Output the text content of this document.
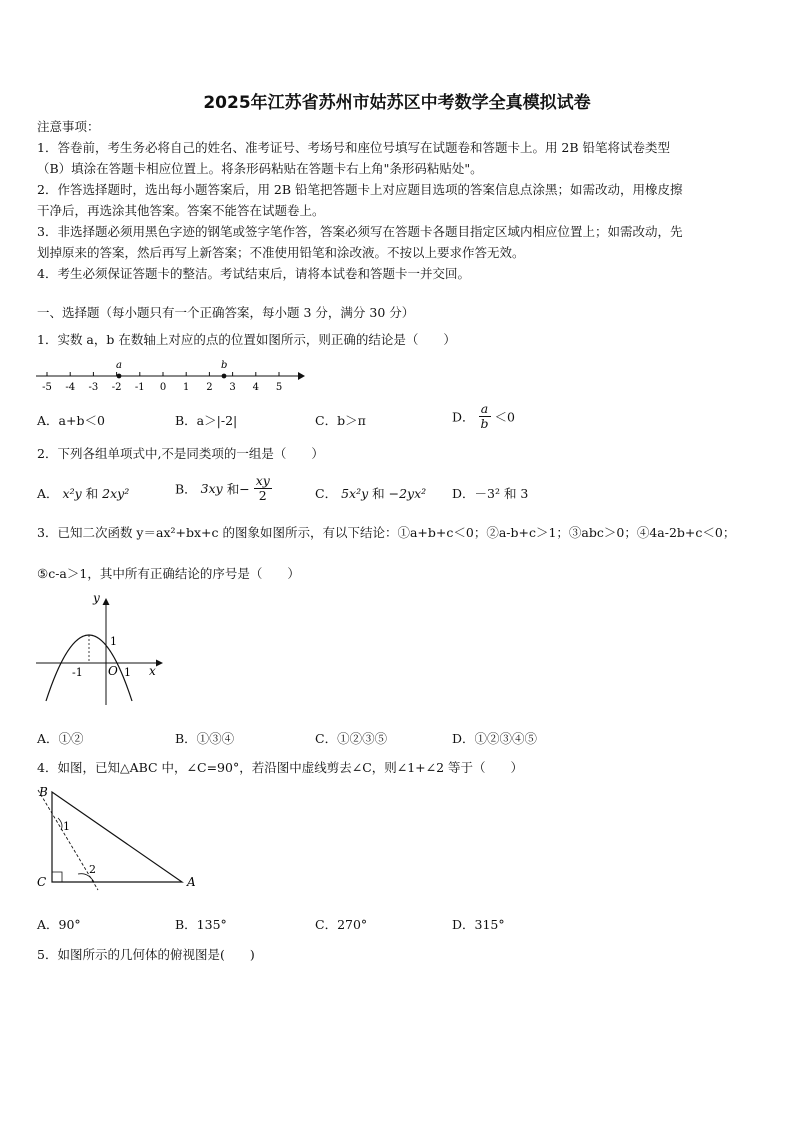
2025年江苏省苏州市姑苏区中考数学全真模拟试卷
注意事项：
1．答卷前，考生务必将自己的姓名、准考证号、考场号和座位号填写在试题卷和答题卡上。用 2B 铅笔将试卷类型
（B）填涂在答题卡相应位置上。将条形码粘贴在答题卡右上角"条形码粘贴处"。
2．作答选择题时，选出每小题答案后，用 2B 铅笔把答题卡上对应题目选项的答案信息点涂黑；如需改动，用橡皮擦
干净后，再选涂其他答案。答案不能答在试题卷上。
3．非选择题必须用黑色字迹的钢笔或签字笔作答，答案必须写在答题卡各题目指定区域内相应位置上；如需改动，先
划掉原来的答案，然后再写上新答案；不准使用铅笔和涂改液。不按以上要求作答无效。
4．考生必须保证答题卡的整洁。考试结束后，请将本试卷和答题卡一并交回。
一、选择题（每小题只有一个正确答案，每小题 3 分，满分 30 分）
1．实数 a，b 在数轴上对应的点的位置如图所示，则正确的结论是（　　）
-5 -4 -3 -2 -1 0 1 2 3 4 5
a	b
A．a+b＜0	B．a＞|-2|	C．b＞π	D． $\frac{a}{b} <0$
2．下列各组单项式中,不是同类项的一组是（　　）
A． x²y 和 2xy²	B． 3xy 和− $\frac{xy}{2}$	C． 5x²y 和 −2yx² D．－3² 和 3
3．已知二次函数 y＝ax²+bx+c 的图象如图所示，有以下结论：①a+b+c＜0；②a-b+c＞1；③abc＞0；④4a-2b+c＜0；
⑤c-a＞1，其中所有正确结论的序号是（　　）
y
x
O 1
-1
1
A．①②	B．①③④	C．①②③⑤	D．①②③④⑤
4．如图，已知△ABC 中，∠C=90°，若沿图中虚线剪去∠C，则∠1+∠2 等于（　　）
1
2
B
C	A
A．90°	B．135°	C．270°	D．315°
5．如图所示的几何体的俯视图是(　　)
